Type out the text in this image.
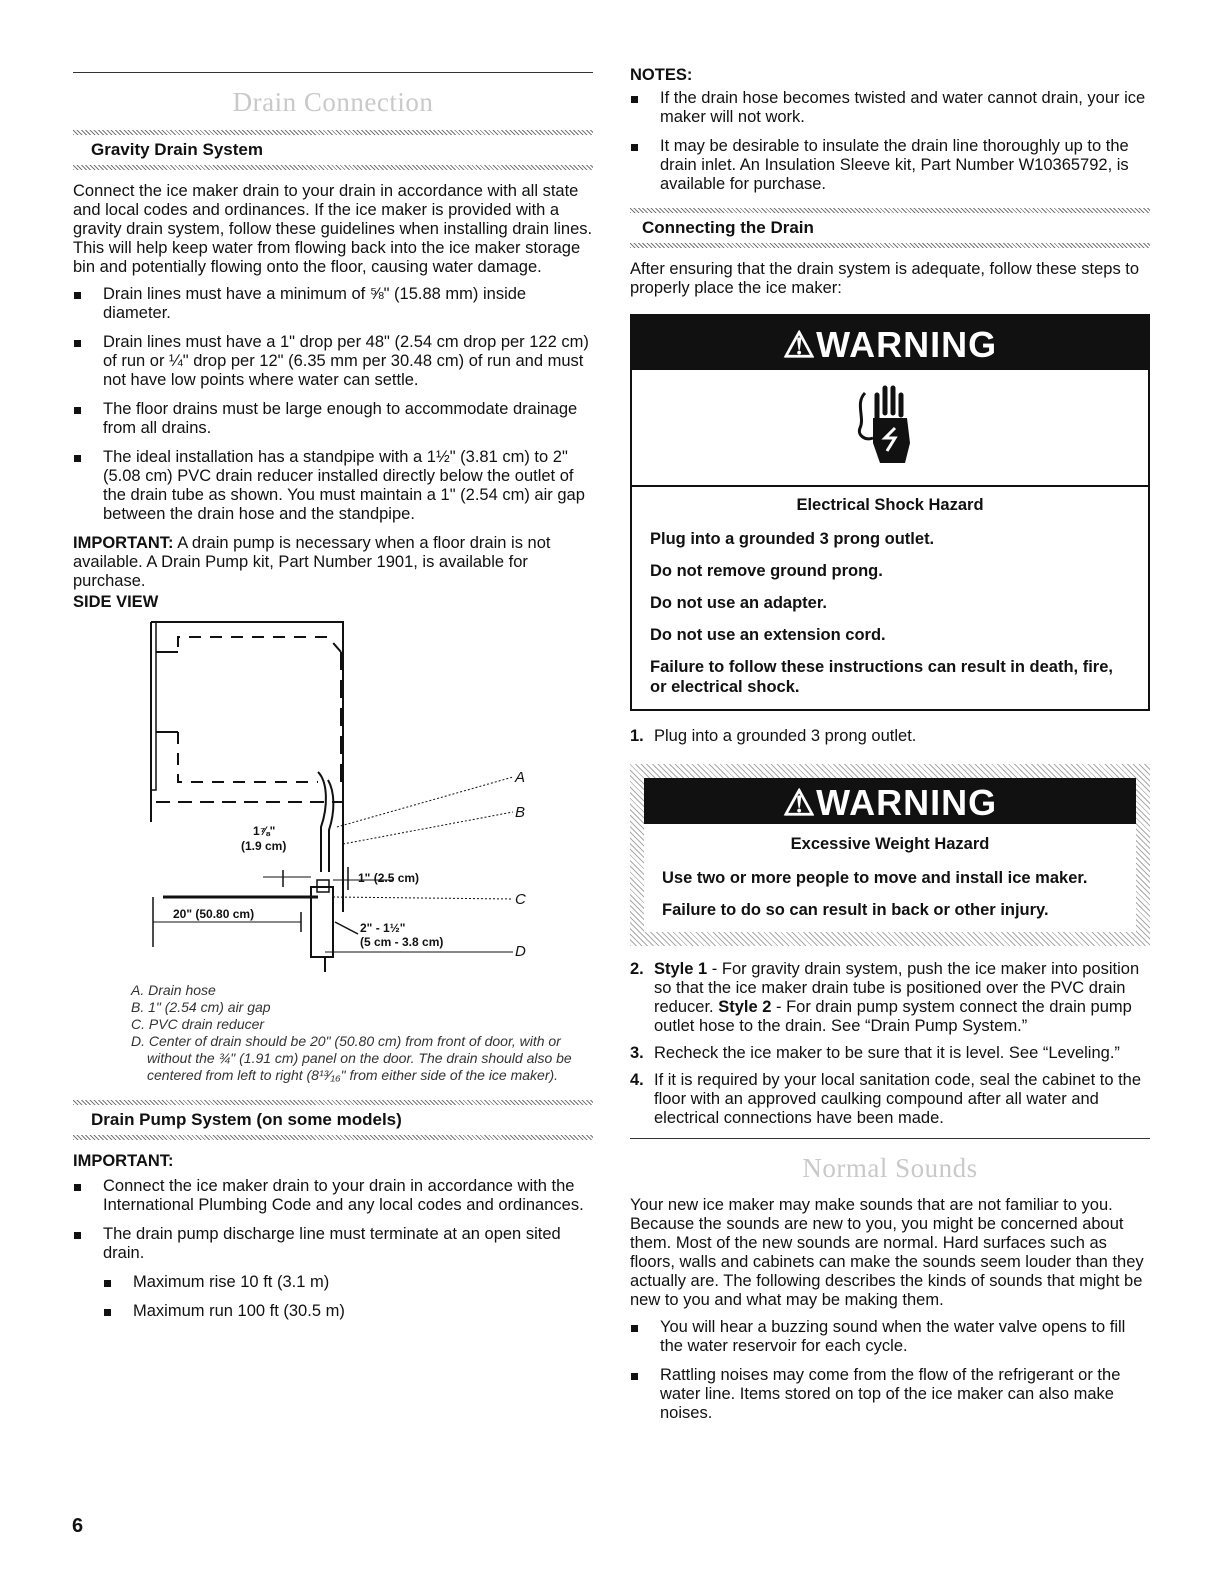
Drain Connection
Gravity Drain System

Connect the ice maker drain to your drain in accordance with all state and local codes and ordinances. If the ice maker is provided with a gravity drain system, follow these guidelines when installing drain lines. This will help keep water from flowing back into the ice maker storage bin and potentially flowing onto the floor, causing water damage.

Drain lines must have a minimum of ⅝" (15.88 mm) inside diameter.
Drain lines must have a 1" drop per 48" (2.54 cm drop per 122 cm) of run or ¼" drop per 12" (6.35 mm per 30.48 cm) of run and must not have low points where water can settle.
The floor drains must be large enough to accommodate drainage from all drains.
The ideal installation has a standpipe with a 1½" (3.81 cm) to 2" (5.08 cm) PVC drain reducer installed directly below the outlet of the drain tube as shown. You must maintain a 1" (2.54 cm) air gap between the drain hose and the standpipe.

IMPORTANT: A drain pump is necessary when a floor drain is not available. A Drain Pump kit, Part Number 1901, is available for purchase.

SIDE VIEW

1⅞"
(1.9 cm)
1" (2.5 cm)
20" (50.80 cm)
2" - 1½"
(5 cm - 3.8 cm)
A
B
C
D
A. Drain hose
B. 1" (2.54 cm) air gap
C. PVC drain reducer
D. Center of drain should be 20" (50.80 cm) from front of door, with or without the ¾" (1.91 cm) panel on the door. The drain should also be centered from left to right (8¹³⁄₁₆" from either side of the ice maker).
Drain Pump System (on some models)

IMPORTANT:

Connect the ice maker drain to your drain in accordance with the International Plumbing Code and any local codes and ordinances.
The drain pump discharge line must terminate at an open sited drain.
Maximum rise 10 ft (3.1 m)
Maximum run 100 ft (30.5 m)

NOTES:

If the drain hose becomes twisted and water cannot drain, your ice maker will not work.
It may be desirable to insulate the drain line thoroughly up to the drain inlet. An Insulation Sleeve kit, Part Number W10365792, is available for purchase.
Connecting the Drain

After ensuring that the drain system is adequate, follow these steps to properly place the ice maker:

⚠WARNING

Electrical Shock Hazard

Plug into a grounded 3 prong outlet.

Do not remove ground prong.

Do not use an adapter.

Do not use an extension cord.

Failure to follow these instructions can result in death, fire, or electrical shock.

1. Plug into a grounded 3 prong outlet.
⚠WARNING

Excessive Weight Hazard

Use two or more people to move and install ice maker.

Failure to do so can result in back or other injury.

2. Style 1 - For gravity drain system, push the ice maker into position so that the ice maker drain tube is positioned over the PVC drain reducer. Style 2 - For drain pump system connect the drain pump outlet hose to the drain. See “Drain Pump System.”
3. Recheck the ice maker to be sure that it is level. See “Leveling.”
4. If it is required by your local sanitation code, seal the cabinet to the floor with an approved caulking compound after all water and electrical connections have been made.
Normal Sounds

Your new ice maker may make sounds that are not familiar to you. Because the sounds are new to you, you might be concerned about them. Most of the new sounds are normal. Hard surfaces such as floors, walls and cabinets can make the sounds seem louder than they actually are. The following describes the kinds of sounds that might be new to you and what may be making them.

You will hear a buzzing sound when the water valve opens to fill the water reservoir for each cycle.
Rattling noises may come from the flow of the refrigerant or the water line. Items stored on top of the ice maker can also make noises.
6
